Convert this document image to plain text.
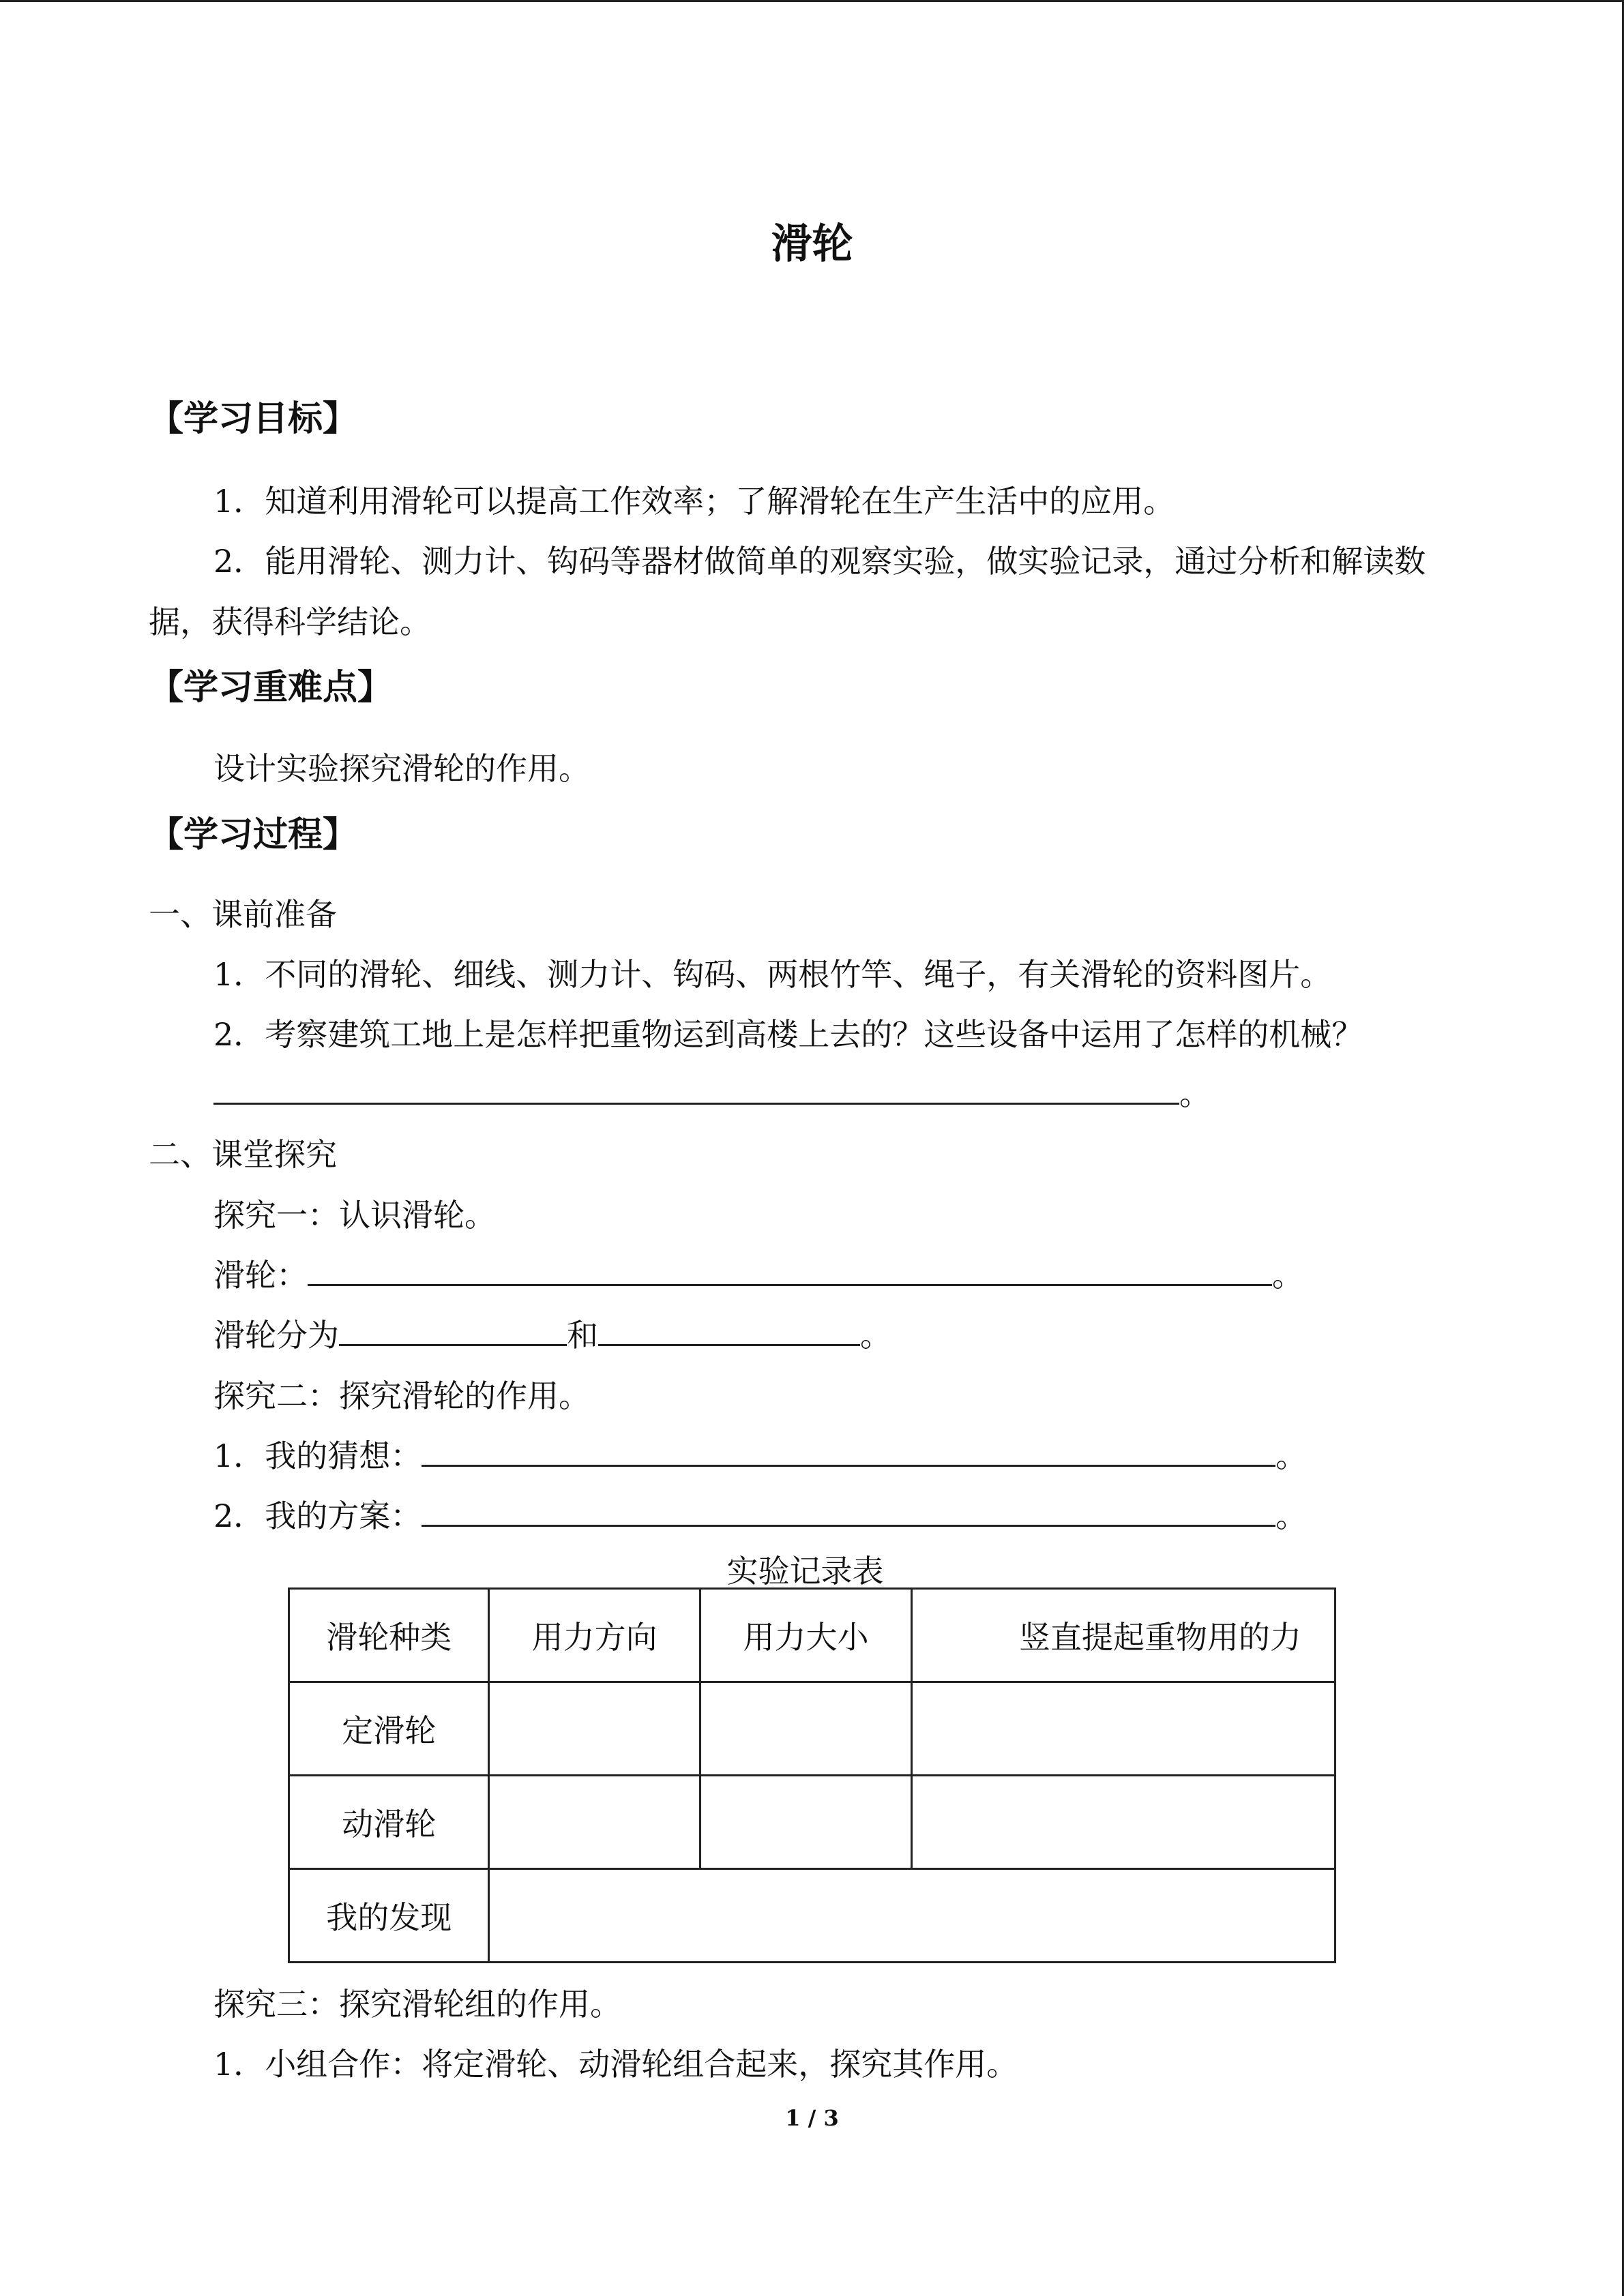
滑轮
【学习目标】
1．知道利用滑轮可以提高工作效率；了解滑轮在生产生活中的应用。
2．能用滑轮、测力计、钩码等器材做简单的观察实验，做实验记录，通过分析和解读数
据，获得科学结论。
【学习重难点】
设计实验探究滑轮的作用。
【学习过程】
一、课前准备
1．不同的滑轮、细线、测力计、钩码、两根竹竿、绳子，有关滑轮的资料图片。
2．考察建筑工地上是怎样把重物运到高楼上去的？这些设备中运用了怎样的机械？
。
二、课堂探究
探究一：认识滑轮。
滑轮：	。
滑轮分为	和	。
探究二：探究滑轮的作用。
1．我的猜想：	。
2．我的方案：	。
实验记录表
滑轮种类	用力方向	用力大小	竖直提起重物用的力
定滑轮			
动滑轮			
我的发现			
探究三：探究滑轮组的作用。
1．小组合作：将定滑轮、动滑轮组合起来，探究其作用。
1 / 3
